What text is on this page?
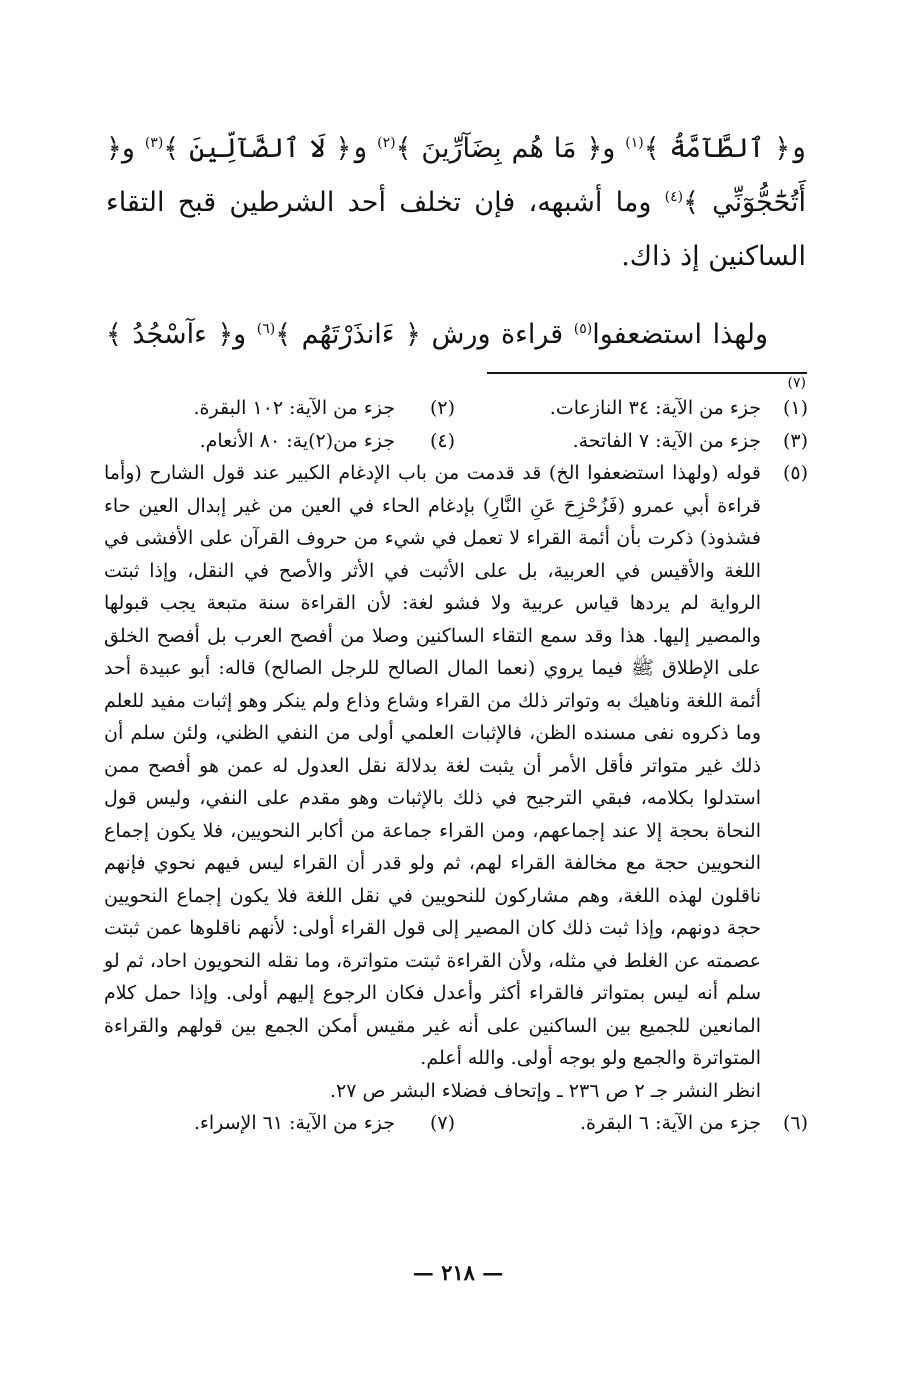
و﴿ ٱلطَّآمَّةُ ﴾$^{(١)}$ و﴿ مَا هُم بِضَآرِّينَ ﴾$^{(٢)}$ و﴿ لَا ٱلضَّآلِّينَ ﴾$^{(٣)}$ و﴿ أَتُحَٰٓجُّوٓنِّي ﴾$^{(٤)}$ وما أشبهه، فإن تخلف أحد الشرطين قبح التقاء الساكنين إذ ذاك.

ولهذا استضعفوا$^{(٥)}$ قراءة ورش ﴿ ءَانذَرْتَهُم ﴾$^{(٦)}$ و﴿ ءآسْجُدُ ﴾$^{(٧)}$

(١)
جزء من الآية: ٣٤ النازعات.
(٢)
جزء من الآية: ١٠٢ البقرة.
(٣)
جزء من الآية: ٧ الفاتحة.
(٤)
جزء من(٢)ية: ٨٠ الأنعام.
(٥)
قوله (ولهذا استضعفوا الخ) قد قدمت من باب الإدغام الكبير عند قول الشارح (وأما قراءة أبي عمرو (فَزُحْزِحَ عَنِ النَّارِ) بإدغام الحاء في العين من غير إبدال العين حاء فشذوذ) ذكرت بأن أئمة القراء لا تعمل في شيء من حروف القرآن على الأفشى في اللغة والأقيس في العربية، بل على الأثبت في الأثر والأصح في النقل، وإذا ثبتت الرواية لم يردها قياس عربية ولا فشو لغة: لأن القراءة سنة متبعة يجب قبولها والمصير إليها. هذا وقد سمع التقاء الساكنين وصلا من أفصح العرب بل أفصح الخلق على الإطلاق ﷺ فيما يروي (نعما المال الصالح للرجل الصالح) قاله: أبو عبيدة أحد أئمة اللغة وناهيك به وتواتر ذلك من القراء وشاع وذاع ولم ينكر وهو إثبات مفيد للعلم وما ذكروه نفى مسنده الظن، فالإثبات العلمي أولى من النفي الظني، ولئن سلم أن ذلك غير متواتر فأقل الأمر أن يثبت لغة بدلالة نقل العدول له عمن هو أفصح ممن استدلوا بكلامه، فبقي الترجيح في ذلك بالإثبات وهو مقدم على النفي، وليس قول النحاة بحجة إلا عند إجماعهم، ومن القراء جماعة من أكابر النحويين، فلا يكون إجماع النحويين حجة مع مخالفة القراء لهم، ثم ولو قدر أن القراء ليس فيهم نحوي فإنهم ناقلون لهذه اللغة، وهم مشاركون للنحويين في نقل اللغة فلا يكون إجماع النحويين حجة دونهم، وإذا ثبت ذلك كان المصير إلى قول القراء أولى: لأنهم ناقلوها عمن ثبتت عصمته عن الغلط في مثله، ولأن القراءة ثبتت متواترة، وما نقله النحويون احاد، ثم لو سلم أنه ليس بمتواتر فالقراء أكثر وأعدل فكان الرجوع إليهم أولى. وإذا حمل كلام المانعين للجميع بين الساكنين على أنه غير مقيس أمكن الجمع بين قولهم والقراءة المتواترة والجمع ولو بوجه أولى. والله أعلم.
انظر النشر جـ ٢ ص ٢٣٦ ـ وإتحاف فضلاء البشر ص ٢٧.
(٦)
جزء من الآية: ٦ البقرة.
(٧)
جزء من الآية: ٦١ الإسراء.
— ٢١٨ —
